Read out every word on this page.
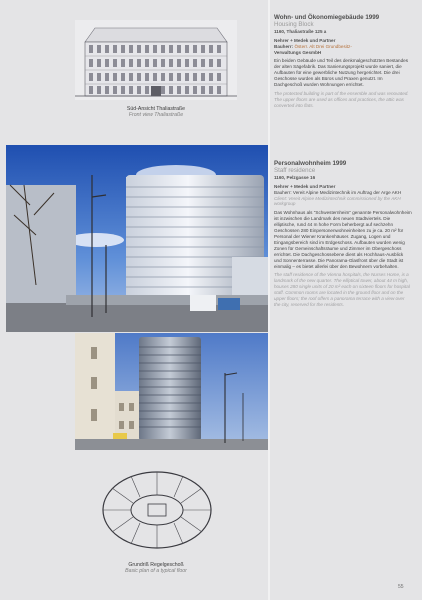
Süd-Ansicht Thaliastraße
Front view Thaliastraße
Grundriß Regelgeschoß
Basic plan of a typical floor
Wohn- und Ökonomiegebäude 1999
Housing Block
1160, Thaliastraße 125 a
Nehrer + Medek und Partner
Bauherr: Österr. Alt Drei Grundbesitz-
Verwaltungs GesmbH

Ein beiden Gebäude und Teil des denkmalgeschützten Bestandes der alten Sägefabrik. Das Sanierungsprojekt wurde saniert, die Aufbauten für eine gewerbliche Nutzung hergerichtet. Die drei Geschosse wurden als Büros und Praxen genutzt. Im Dachgeschoß wurden Wohnungen errichtet.

The protected building is part of the ensemble and was renovated. The upper floors are used as offices and practices, the attic was converted into flats.

Personalwohnheim 1999
Staff residence
1160, Pelzgasse 16
Nehrer + Medek und Partner
Bauherr: Vereit Alpine Medizintechnik im Auftrag der Arge AKH
Client: Vereit Alpine Medizintechnik commissioned by the AKH workgroup

Das Wohnhaus als "Schwesternheim" genannte Personalwohnheim ist inzwischen die Landmark des neuen Stadtviertels. Die elliptische, rund 44 m hohe Form beherbergt auf sechzehn Geschossen 280 Einpersonenwohneinheiten zu je ca. 20 m² für Personal der Wiener Krankenhäuser. Zugang, Logen und Eingangsbereich sind im Erdgeschoss. Aufbauten wurden wenig Zonen für Gemeinschaftsräume und Zimmer im Obergeschoss errichtet. Die Dachgeschossebene dient als Hochhaus-Ausblick und Sonnenterrasse. Die Panorama-Glasfront über die Stadt ist einmalig – es bietet allerlei über den Bewohnern vorbehalten.

The staff residence of the Vienna hospitals, the Nurses Home, is a landmark of the new quarter. The elliptical tower, about 44 m high, houses 280 single units of 20 m² each on sixteen floors for hospital staff. Common rooms are located in the ground floor and on the upper floors; the roof offers a panorama terrace with a view over the city, reserved for the residents.

55
